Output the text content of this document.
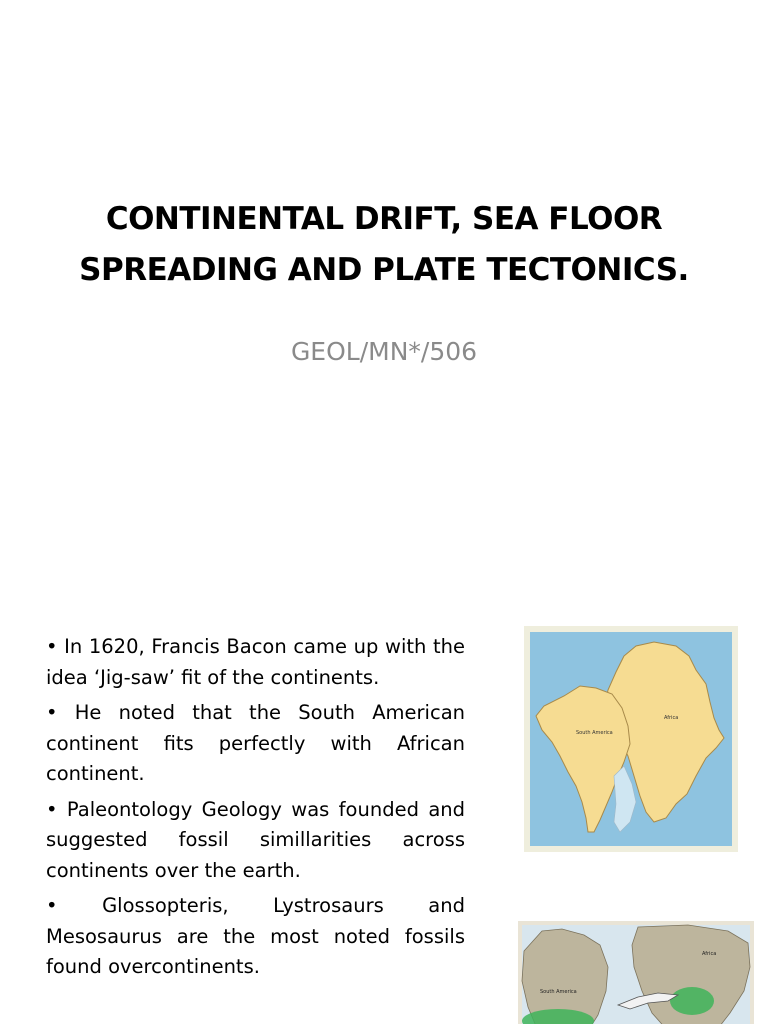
CONTINENTAL DRIFT, SEA FLOOR
SPREADING AND PLATE TECTONICS.
GEOL/MN*/506

• In 1620, Francis Bacon came up with the idea ‘Jig-saw’ fit of the continents.

• He noted that the South American continent fits perfectly with African continent.

• Paleontology Geology was founded and suggested fossil simillarities across continents over the earth.

• Glossopteris, Lystrosaurs and Mesosaurus are the most noted fossils found overcontinents.

South America
Africa
South America
Africa
